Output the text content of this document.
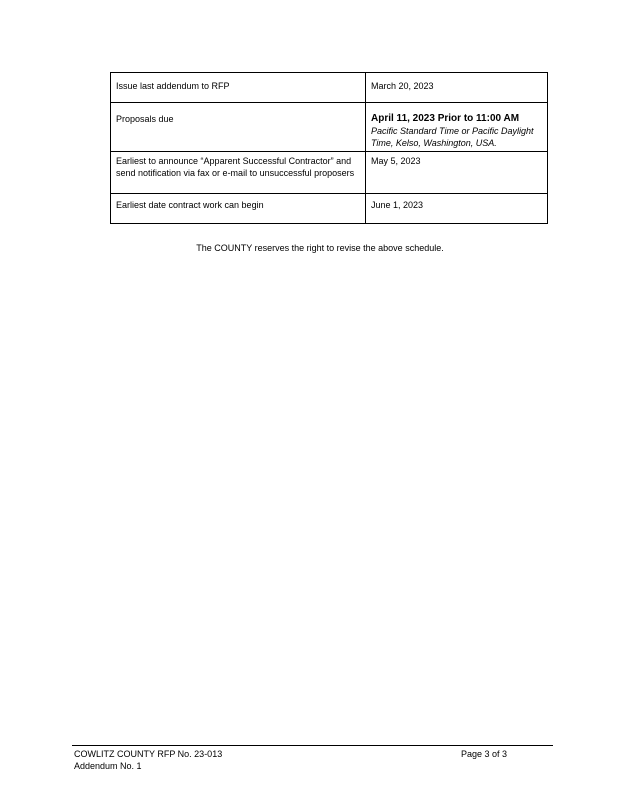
Issue last addendum to RFP	March 20, 2023
Proposals due	April 11, 2023 Prior to 11:00 AM
Pacific Standard Time or Pacific Daylight Time, Kelso, Washington, USA.

Earliest to announce “Apparent Successful Contractor” and send notification via fax or e-mail to unsuccessful proposers	May 5, 2023
Earliest date contract work can begin	June 1, 2023
The COUNTY reserves the right to revise the above schedule.
COWLITZ COUNTY RFP No. 23-013
Addendum No. 1
Page 3 of 3
